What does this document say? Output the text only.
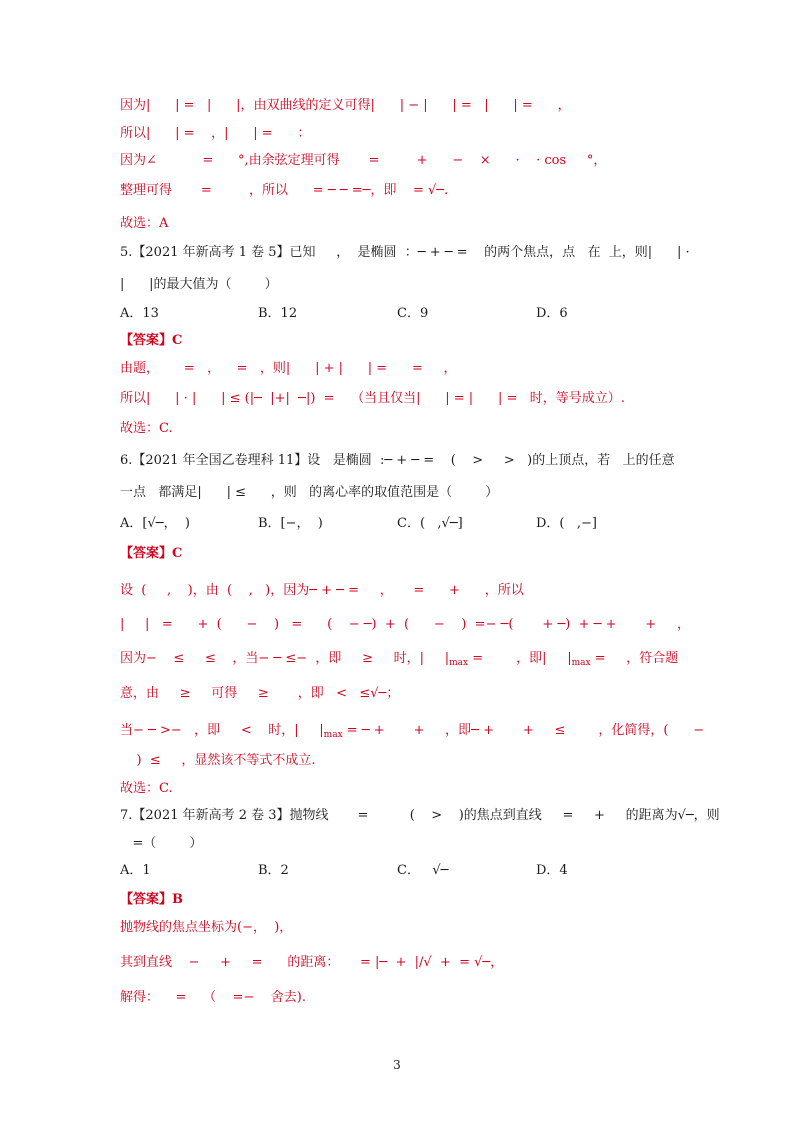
因为|      | =   |      |，由双曲线的定义可得|      | − |      | =   |      | =      ，
所以|      | =    ，|      | =      ：
因为∠           =      °,由余弦定理可得       =         +      −    ×      ·    · cos     °，
整理可得       =         ，所以      = ─ ─ =─，即    = √─.
故选：A
5.【2021 年新高考 1 卷 5】已知     ，  是椭圆  ：─ + ─ =    的两个焦点，点   在  上，则|      | ·
|      |的最大值为（        ）
A．13	B．12	C．9	D．6
【答案】C
由题，      =   ，    =   ，则|      | + |      | =      =     ，
所以|      | · |      | ≤ (|─  |+|  ─|)  =    （当且仅当|      | = |      | =   时，等号成立）.
故选：C.
6.【2021 年全国乙卷理科 11】设   是椭圆  :─ + ─ =    (    >     >   )的上顶点，若   上的任意
一点   都满足|      | ≤      ，则   的离心率的取值范围是（        ）
A．[√─，  )	B．[−，  )	C．(   ,√─]	D．(   ,−]
【答案】C
设  (     ,    )，由  (    ,   )，因为─ + ─ =     ，     =      +      ，所以
|     |   =      +  (      −    )   =      (    − ─)  +  (      −    )  =− ─(       + ─)  + ─ +       +     ，
因为−    ≤     ≤    ，当− ─ ≤−  ，即     ≥     时，|     $|_{max}$ =        ，即|     $|_{max}$ =     ，符合题
意，由     ≥     可得     ≥       ，即   <   ≤√─；
当− ─ >−   ，即     <    时，|     $|_{max}$ = ─ +       +     ，即─ +       +     ≤        ，化简得，(      −
)  ≤     ，显然该不等式不成立.
故选：C.
7.【2021 年新高考 2 卷 3】抛物线       =          (    >    )的焦点到直线     =     +     的距离为√─，则
=（        ）
A．1	B．2	C．   √─	D．4
【答案】B
抛物线的焦点坐标为(−，  )，
其到直线    −     +     =      的距离：     = |─  +  |/√  +  = √─，
解得：    =    （    =−    舍去).
3
